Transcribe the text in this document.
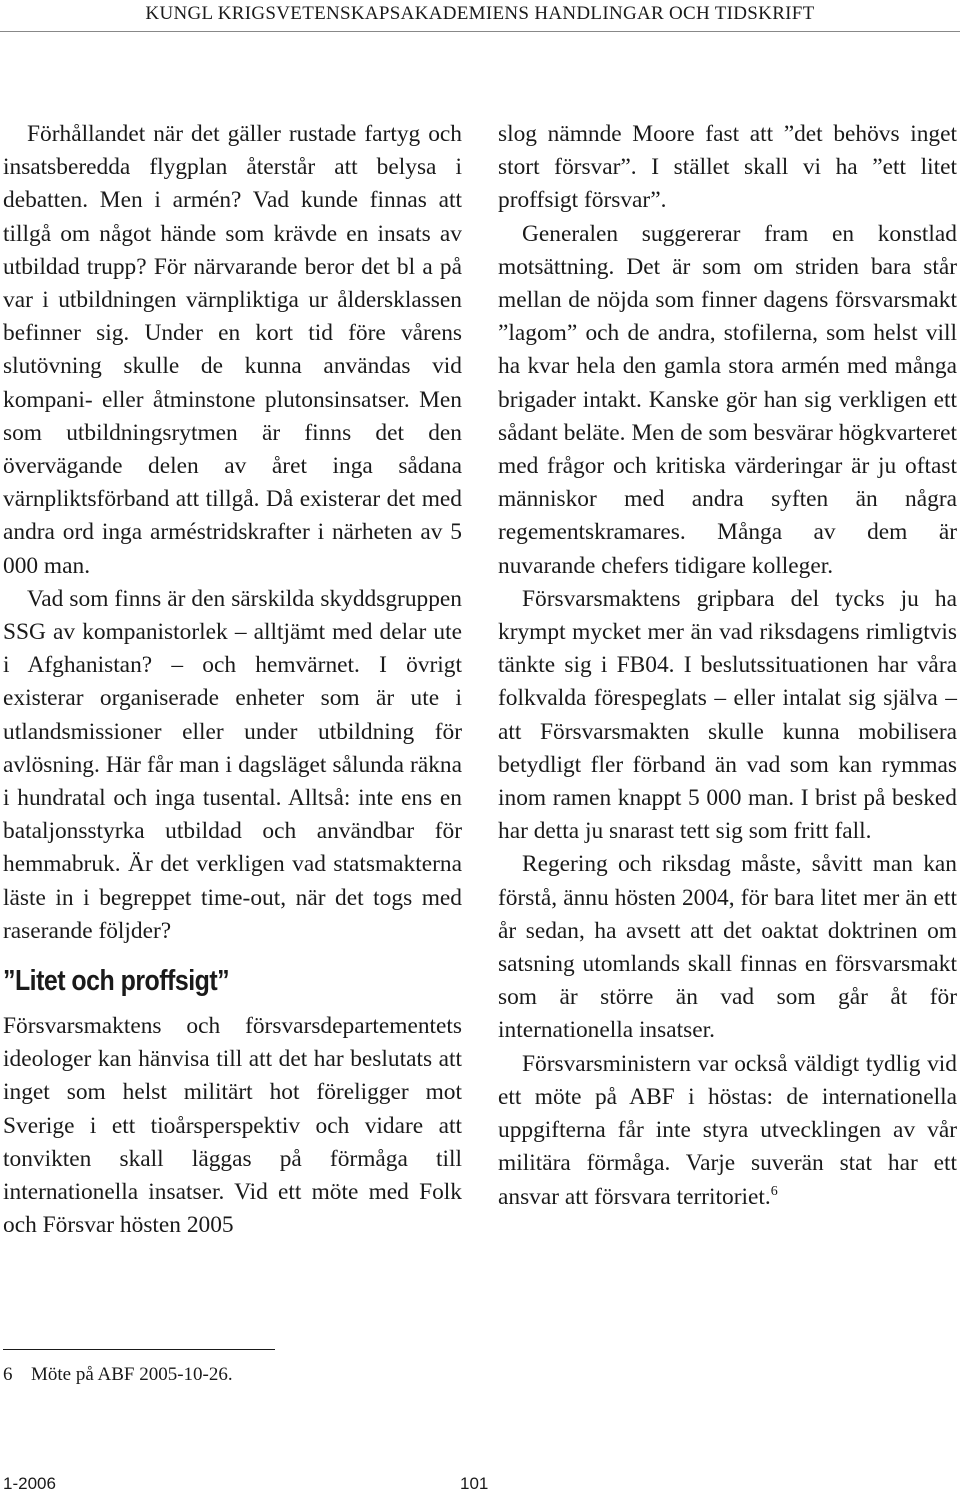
KUNGL KRIGSVETENSKAPSAKADEMIENS HANDLINGAR OCH TIDSKRIFT

Förhållandet när det gäller rustade fartyg och insatsberedda flygplan återstår att belysa i debatten. Men i armén? Vad kunde finnas att tillgå om något hände som krävde en insats av utbildad trupp? För närvarande beror det bl a på var i utbildningen värnpliktiga ur åldersklassen befinner sig. Under en kort tid före vårens slutövning skulle de kunna användas vid kompani- eller åtminstone plutonsinsatser. Men som utbildningsrytmen är finns det den övervägande delen av året inga sådana värnpliktsförband att tillgå. Då existerar det med andra ord inga arméstridskrafter i närheten av 5 000 man.

Vad som finns är den särskilda skyddsgruppen SSG av kompanistorlek – alltjämt med delar ute i Afghanistan? – och hemvärnet. I övrigt existerar organiserade enheter som är ute i utlandsmissioner eller under utbildning för avlösning. Här får man i dagsläget sålunda räkna i hundratal och inga tusental. Alltså: inte ens en bataljonsstyrka utbildad och användbar för hemmabruk. Är det verkligen vad statsmakterna läste in i begreppet time-out, när det togs med raserande följder?

”Litet och proffsigt”

Försvarsmaktens och försvarsdepartementets ideologer kan hänvisa till att det har beslutats att inget som helst militärt hot föreligger mot Sverige i ett tioårsperspektiv och vidare att tonvikten skall läggas på förmåga till internationella insatser. Vid ett möte med Folk och Försvar hösten 2005

slog nämnde Moore fast att ”det behövs inget stort försvar”. I stället skall vi ha ”ett litet proffsigt försvar”.

Generalen suggererar fram en konstlad motsättning. Det är som om striden bara står mellan de nöjda som finner dagens försvarsmakt ”lagom” och de andra, stofilerna, som helst vill ha kvar hela den gamla stora armén med många brigader intakt. Kanske gör han sig verkligen ett sådant beläte. Men de som besvärar högkvarteret med frågor och kritiska värderingar är ju oftast människor med andra syften än några regementskramares. Många av dem är nuvarande chefers tidigare kolleger.

Försvarsmaktens gripbara del tycks ju ha krympt mycket mer än vad riksdagens rimligtvis tänkte sig i FB04. I beslutssituationen har våra folkvalda förespeglats – eller intalat sig själva – att Försvarsmakten skulle kunna mobilisera betydligt fler förband än vad som kan rymmas inom ramen knappt 5 000 man. I brist på besked har detta ju snarast tett sig som fritt fall.

Regering och riksdag måste, såvitt man kan förstå, ännu hösten 2004, för bara litet mer än ett år sedan, ha avsett att det oaktat doktrinen om satsning utomlands skall finnas en försvarsmakt som är större än vad som går åt för internationella insatser.

Försvarsministern var också väldigt tydlig vid ett möte på ABF i höstas: de internationella uppgifterna får inte styra utvecklingen av vår militära förmåga. Varje suverän stat har ett ansvar att försvara territoriet.$^6$

6 Möte på ABF 2005-10-26.
1-2006	101
